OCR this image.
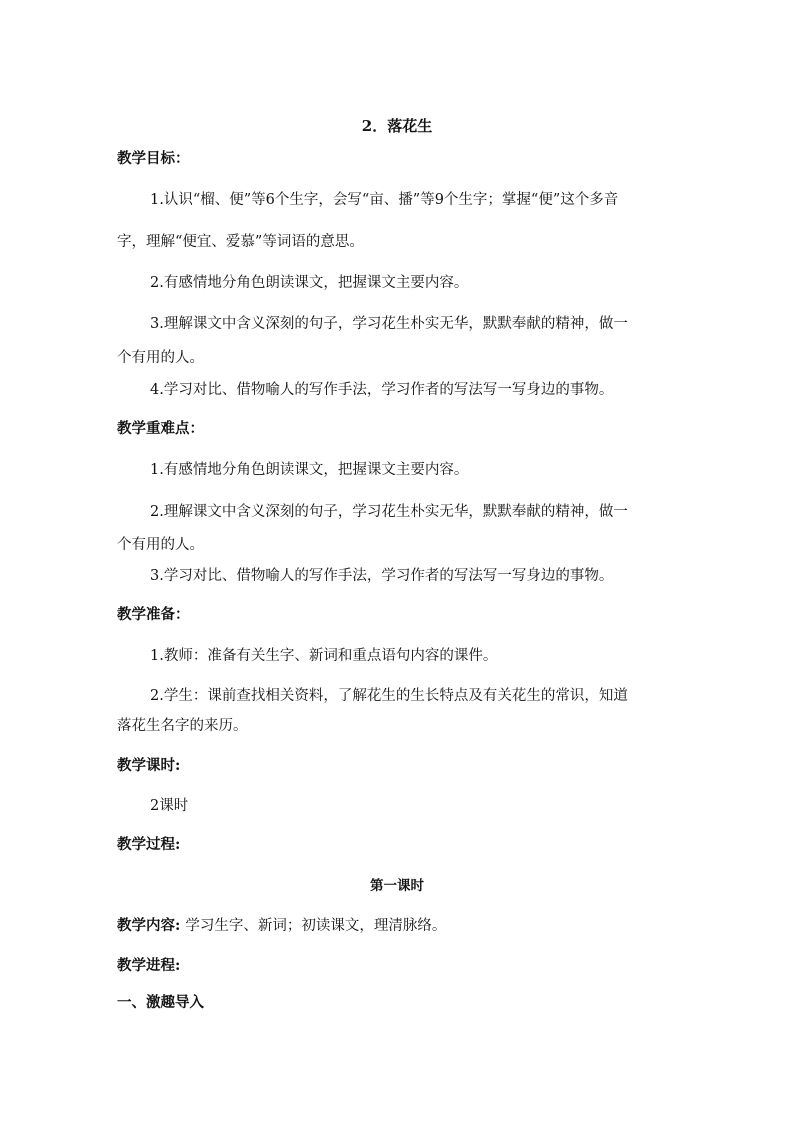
2．落花生
教学目标：
1.认识“榴、便”等6个生字，会写“亩、播”等9个生字；掌握“便”这个多音
字，理解“便宜、爱慕”等词语的意思。
2.有感情地分角色朗读课文，把握课文主要内容。
3.理解课文中含义深刻的句子，学习花生朴实无华，默默奉献的精神，做一
个有用的人。
4.学习对比、借物喻人的写作手法，学习作者的写法写一写身边的事物。
教学重难点：
1.有感情地分角色朗读课文，把握课文主要内容。
2.理解课文中含义深刻的句子，学习花生朴实无华，默默奉献的精神，做一
个有用的人。
3.学习对比、借物喻人的写作手法，学习作者的写法写一写身边的事物。
教学准备：
1.教师：准备有关生字、新词和重点语句内容的课件。
2.学生：课前查找相关资料，了解花生的生长特点及有关花生的常识，知道
落花生名字的来历。
教学课时:
2课时
教学过程:
第一课时
教学内容: 学习生字、新词；初读课文，理清脉络。
教学进程:
一、激趣导入
